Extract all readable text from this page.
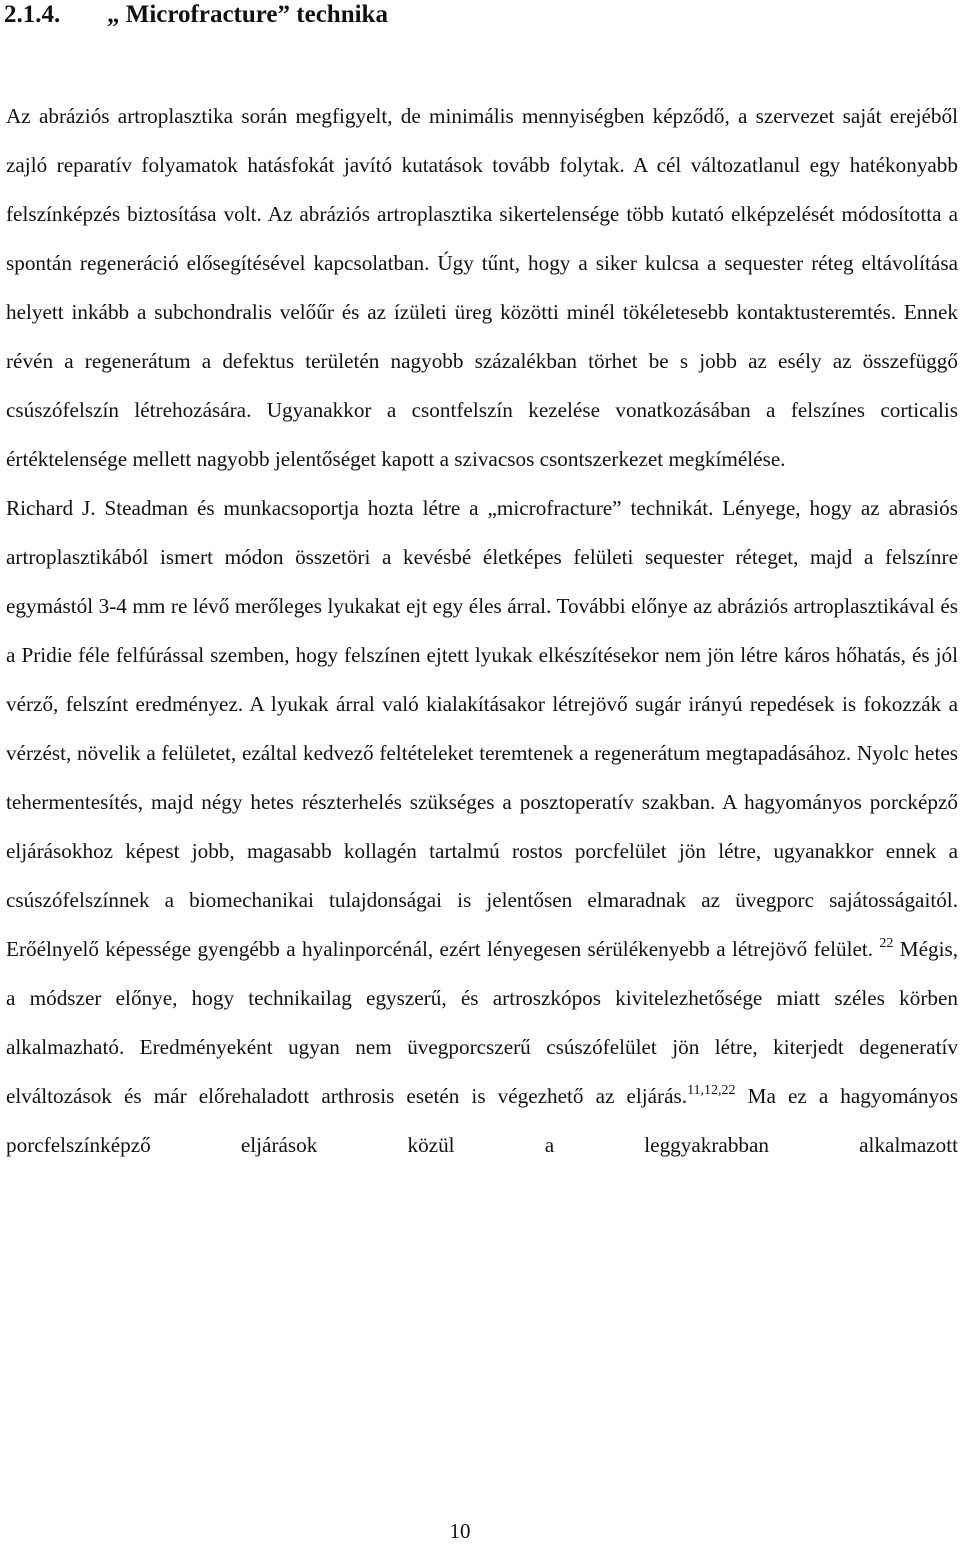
2.1.4. „ Microfracture” technika
Az abráziós artroplasztika során megfigyelt, de minimális mennyiségben képződő, a szervezet saját erejéből zajló reparatív folyamatok hatásfokát javító kutatások tovább folytak. A cél változatlanul egy hatékonyabb felszínképzés biztosítása volt. Az abráziós artroplasztika sikertelensége több kutató elképzelését módosította a spontán regeneráció elősegítésével kapcsolatban. Úgy tűnt, hogy a siker kulcsa a sequester réteg eltávolítása helyett inkább a subchondralis velőűr és az ízületi üreg közötti minél tökéletesebb kontaktusteremtés. Ennek révén a regenerátum a defektus területén nagyobb százalékban törhet be s jobb az esély az összefüggő csúszófelszín létrehozására. Ugyanakkor a csontfelszín kezelése vonatkozásában a felszínes corticalis értéktelensége mellett nagyobb jelentőséget kapott a szivacsos csontszerkezet megkímélése.
Richard J. Steadman és munkacsoportja hozta létre a „microfracture” technikát. Lényege, hogy az abrasiós artroplasztikából ismert módon összetöri a kevésbé életképes felületi sequester réteget, majd a felszínre egymástól 3-4 mm re lévő merőleges lyukakat ejt egy éles árral. További előnye az abráziós artroplasztikával és a Pridie féle felfúrással szemben, hogy felszínen ejtett lyukak elkészítésekor nem jön létre káros hőhatás, és jól vérző, felszínt eredményez. A lyukak árral való kialakításakor létrejövő sugár irányú repedések is fokozzák a vérzést, növelik a felületet, ezáltal kedvező feltételeket teremtenek a regenerátum megtapadásához. Nyolc hetes tehermentesítés, majd négy hetes részterhelés szükséges a posztoperatív szakban. A hagyományos porcképző eljárásokhoz képest jobb, magasabb kollagén tartalmú rostos porcfelület jön létre, ugyanakkor ennek a csúszófelszínnek a biomechanikai tulajdonságai is jelentősen elmaradnak az üvegporc sajátosságaitól. Erőélnyelő képessége gyengébb a hyalinporcénál, ezért lényegesen sérülékenyebb a létrejövő felület. $^{22}$ Mégis, a módszer előnye, hogy technikailag egyszerű, és artroszkópos kivitelezhetősége miatt széles körben alkalmazható. Eredményeként ugyan nem üvegporcszerű csúszófelület jön létre, kiterjedt degeneratív elváltozások és már előrehaladott arthrosis esetén is végezhető az eljárás.$^{11,12,22}$ Ma ez a hagyományos porcfelszínképző eljárások közül a leggyakrabban alkalmazott
10
